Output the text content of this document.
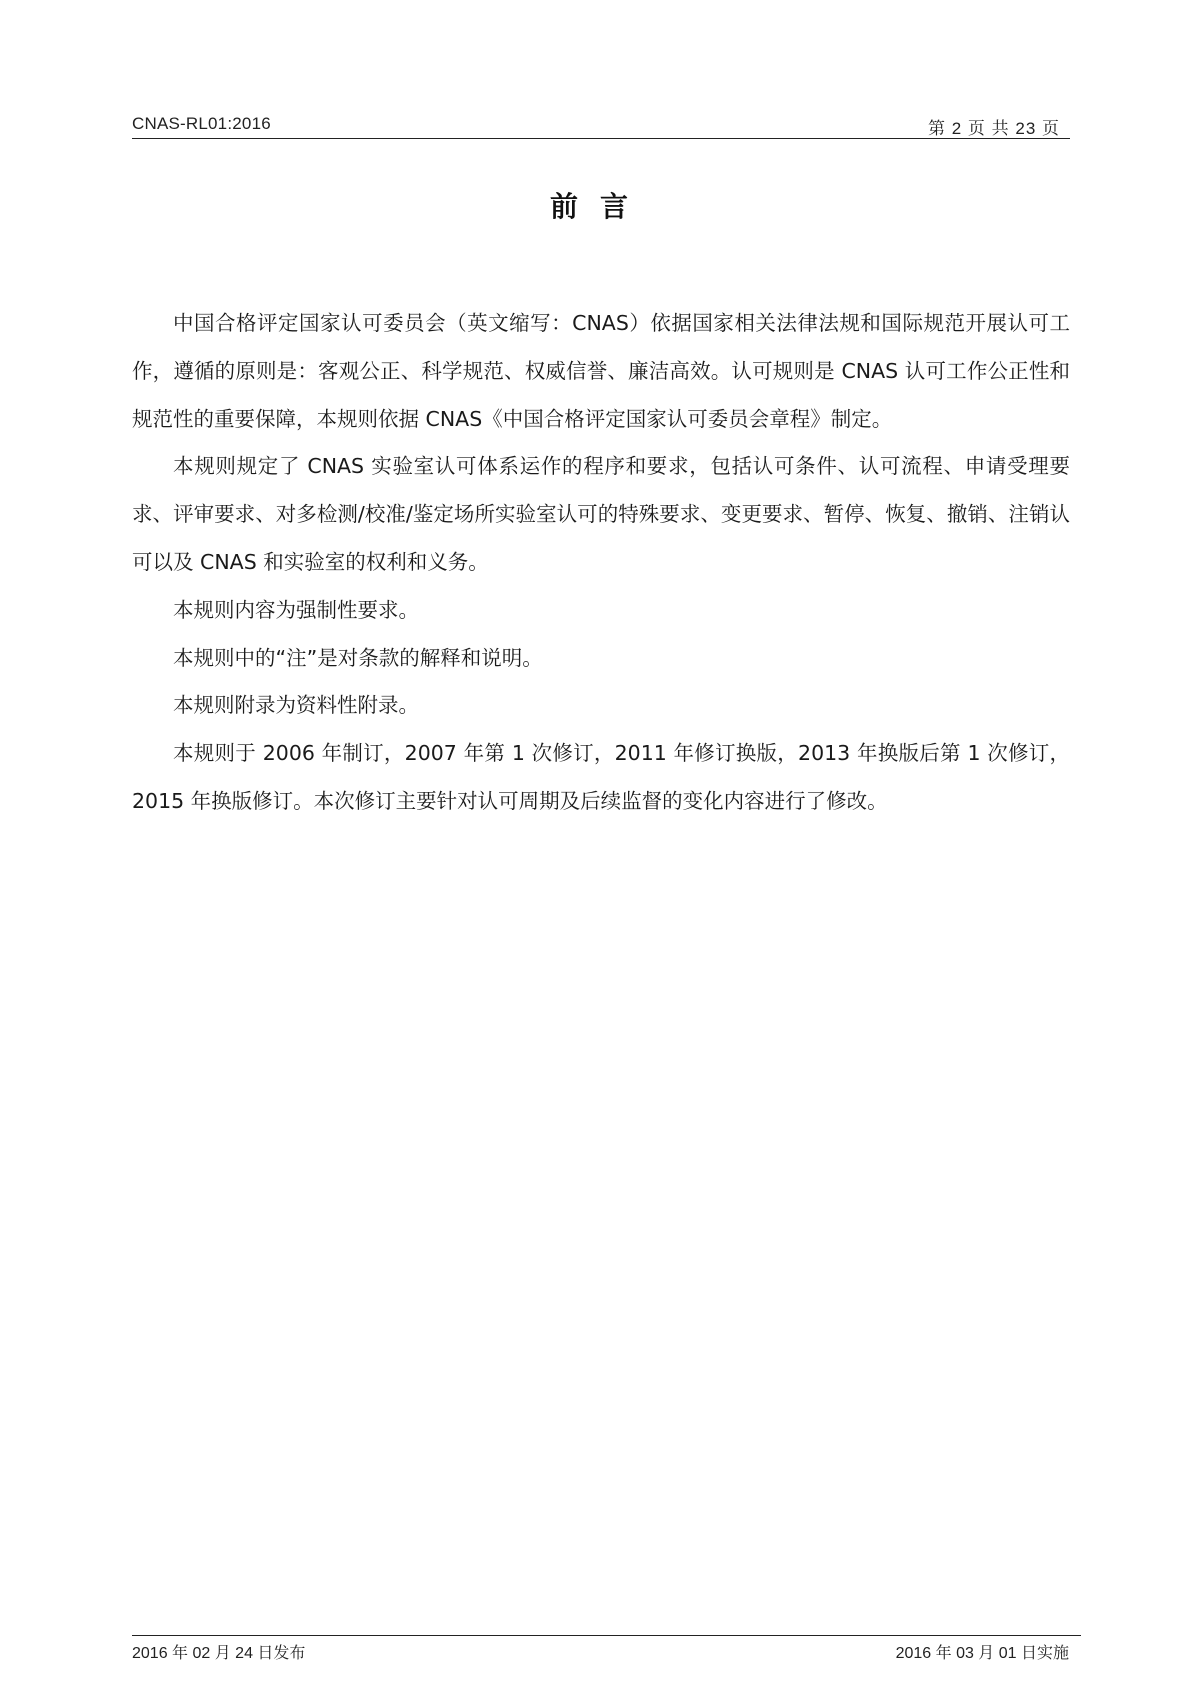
CNAS-RL01:2016	第 2 页 共 23 页
前言

中国合格评定国家认可委员会（英文缩写：CNAS）依据国家相关法律法规和国际规范开展认可工作，遵循的原则是：客观公正、科学规范、权威信誉、廉洁高效。认可规则是 CNAS 认可工作公正性和规范性的重要保障，本规则依据 CNAS《中国合格评定国家认可委员会章程》制定。

本规则规定了 CNAS 实验室认可体系运作的程序和要求，包括认可条件、认可流程、申请受理要求、评审要求、对多检测/校准/鉴定场所实验室认可的特殊要求、变更要求、暂停、恢复、撤销、注销认可以及 CNAS 和实验室的权利和义务。

本规则内容为强制性要求。

本规则中的“注”是对条款的解释和说明。

本规则附录为资料性附录。

本规则于 2006 年制订，2007 年第 1 次修订，2011 年修订换版，2013 年换版后第 1 次修订，2015 年换版修订。本次修订主要针对认可周期及后续监督的变化内容进行了修改。

2016 年 02 月 24 日发布	2016 年 03 月 01 日实施
